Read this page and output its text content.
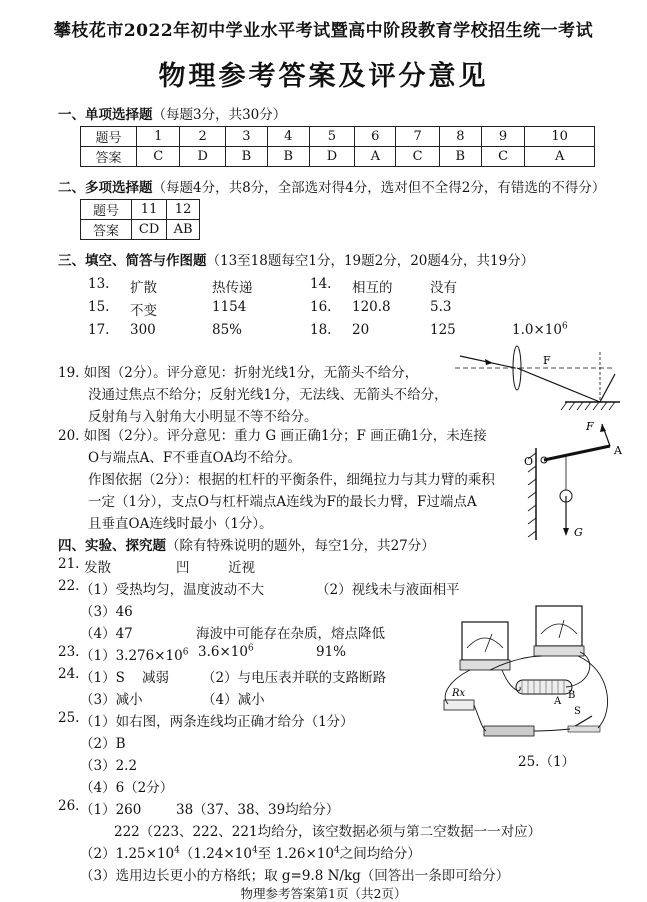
攀枝花市2022年初中学业水平考试暨高中阶段教育学校招生统一考试
物理参考答案及评分意见
一、单项选择题（每题3分，共30分）
题号	1	2	3	4	5	6	7	8	9	10
答案	C	D	B	B	D	A	C	B	C	A
二、多项选择题（每题4分，共8分，全部选对得4分，选对但不全得2分，有错选的不得分）
题号	11	12
答案	CD	AB
三、填空、简答与作图题（13至18题每空1分，19题2分，20题4分，共19分）
13. 扩散	热传递	14. 相互的	没有
15. 不变	1154	16. 120.8	5.3
17. 300	85%	18. 20	125	$1.0\times 10^6$
19. 如图（2分）。评分意见：折射光线1分，无箭头不给分，
没通过焦点不给分；反射光线1分，无法线、无箭头不给分，
反射角与入射角大小明显不等不给分。
F
20. 如图（2分）。评分意见：重力 G 画正确1分；F 画正确1分，未连接
O与端点A、F不垂直OA均不给分。
作图依据（2分）：根据的杠杆的平衡条件，细绳拉力与其力臂的乘积
一定（1分），支点O与杠杆端点A连线为F的最长力臂，F过端点A
且垂直OA连线时最小（1分）。
O
F
A
G
四、实验、探究题（除有特殊说明的题外，每空1分，共27分）
21. 发散	凹	近视
22. （1）受热均匀，温度波动不大	（2）视线未与液面相平
（3）46
（4）47	海波中可能存在杂质，熔点降低
23. $(1)3.276\times 10^6$ $3.6\times 10^6$	91%
24. （1）S 减弱 （2）与电压表并联的支路断路
（3）减小	（4）减小
25. （1）如右图，两条连线均正确才给分（1分）
（2）B
（3）2.2
（4）6（2分）
A
B
Rx
S
25.（1）
26. （1）260	38（37、38、39均给分）
222（223、222、221均给分，该空数据必须与第二空数据一一对应）
$(2)1.25\times 10^4(1.24\times 10^4$至 $1.26\times 10^4$之间均给分）
（3）选用边长更小的方格纸；取 g=9.8 N/kg（回答出一条即可给分）
物理参考答案第1页（共2页）
